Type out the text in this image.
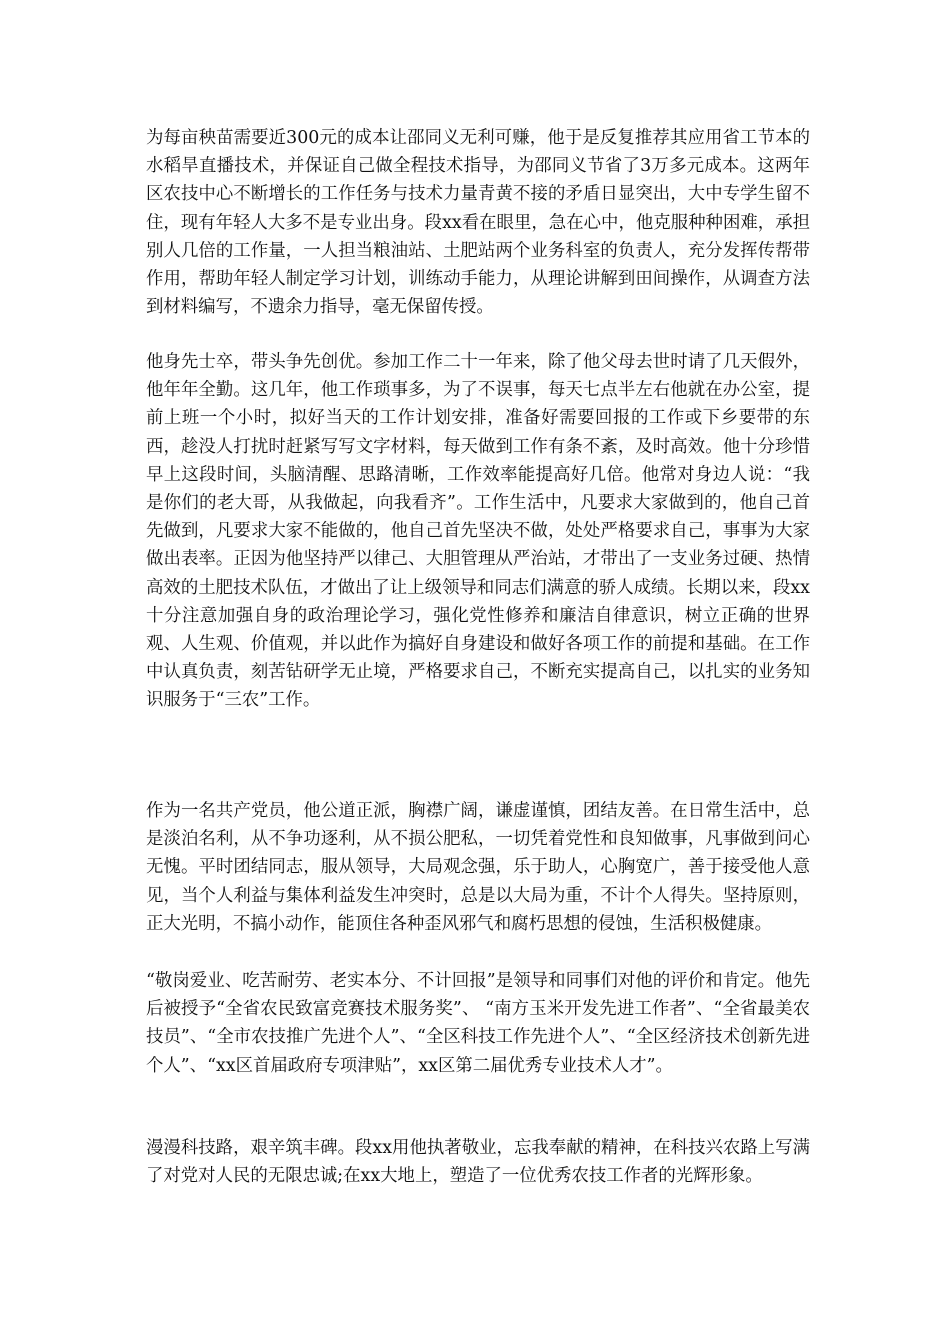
为每亩秧苗需要近300元的成本让邵同义无利可赚，他于是反复推荐其应用省工节本的水稻旱直播技术，并保证自己做全程技术指导，为邵同义节省了3万多元成本。这两年区农技中心不断增长的工作任务与技术力量青黄不接的矛盾日显突出，大中专学生留不住，现有年轻人大多不是专业出身。段xx看在眼里，急在心中，他克服种种困难，承担别人几倍的工作量，一人担当粮油站、土肥站两个业务科室的负责人，充分发挥传帮带作用，帮助年轻人制定学习计划，训练动手能力，从理论讲解到田间操作，从调查方法到材料编写，不遗余力指导，毫无保留传授。

他身先士卒，带头争先创优。参加工作二十一年来，除了他父母去世时请了几天假外，他年年全勤。这几年，他工作琐事多，为了不误事，每天七点半左右他就在办公室，提前上班一个小时，拟好当天的工作计划安排，准备好需要回报的工作或下乡要带的东西，趁没人打扰时赶紧写写文字材料，每天做到工作有条不紊，及时高效。他十分珍惜早上这段时间，头脑清醒、思路清晰，工作效率能提高好几倍。他常对身边人说：“我是你们的老大哥，从我做起，向我看齐”。工作生活中，凡要求大家做到的，他自己首先做到，凡要求大家不能做的，他自己首先坚决不做，处处严格要求自己，事事为大家做出表率。正因为他坚持严以律己、大胆管理从严治站，才带出了一支业务过硬、热情高效的土肥技术队伍，才做出了让上级领导和同志们满意的骄人成绩。长期以来，段xx十分注意加强自身的政治理论学习，强化党性修养和廉洁自律意识，树立正确的世界观、人生观、价值观，并以此作为搞好自身建设和做好各项工作的前提和基础。在工作中认真负责，刻苦钻研学无止境，严格要求自己，不断充实提高自己，以扎实的业务知识服务于“三农”工作。

作为一名共产党员，他公道正派，胸襟广阔，谦虚谨慎，团结友善。在日常生活中，总是淡泊名利，从不争功逐利，从不损公肥私，一切凭着党性和良知做事，凡事做到问心无愧。平时团结同志，服从领导，大局观念强，乐于助人，心胸宽广，善于接受他人意见，当个人利益与集体利益发生冲突时，总是以大局为重，不计个人得失。坚持原则，正大光明，不搞小动作，能顶住各种歪风邪气和腐朽思想的侵蚀，生活积极健康。

“敬岗爱业、吃苦耐劳、老实本分、不计回报”是领导和同事们对他的评价和肯定。他先后被授予“全省农民致富竞赛技术服务奖”、 “南方玉米开发先进工作者”、“全省最美农技员”、“全市农技推广先进个人”、“全区科技工作先进个人”、“全区经济技术创新先进个人”、“xx区首届政府专项津贴”，xx区第二届优秀专业技术人才”。

漫漫科技路，艰辛筑丰碑。段xx用他执著敬业，忘我奉献的精神，在科技兴农路上写满了对党对人民的无限忠诚;在xx大地上，塑造了一位优秀农技工作者的光辉形象。
